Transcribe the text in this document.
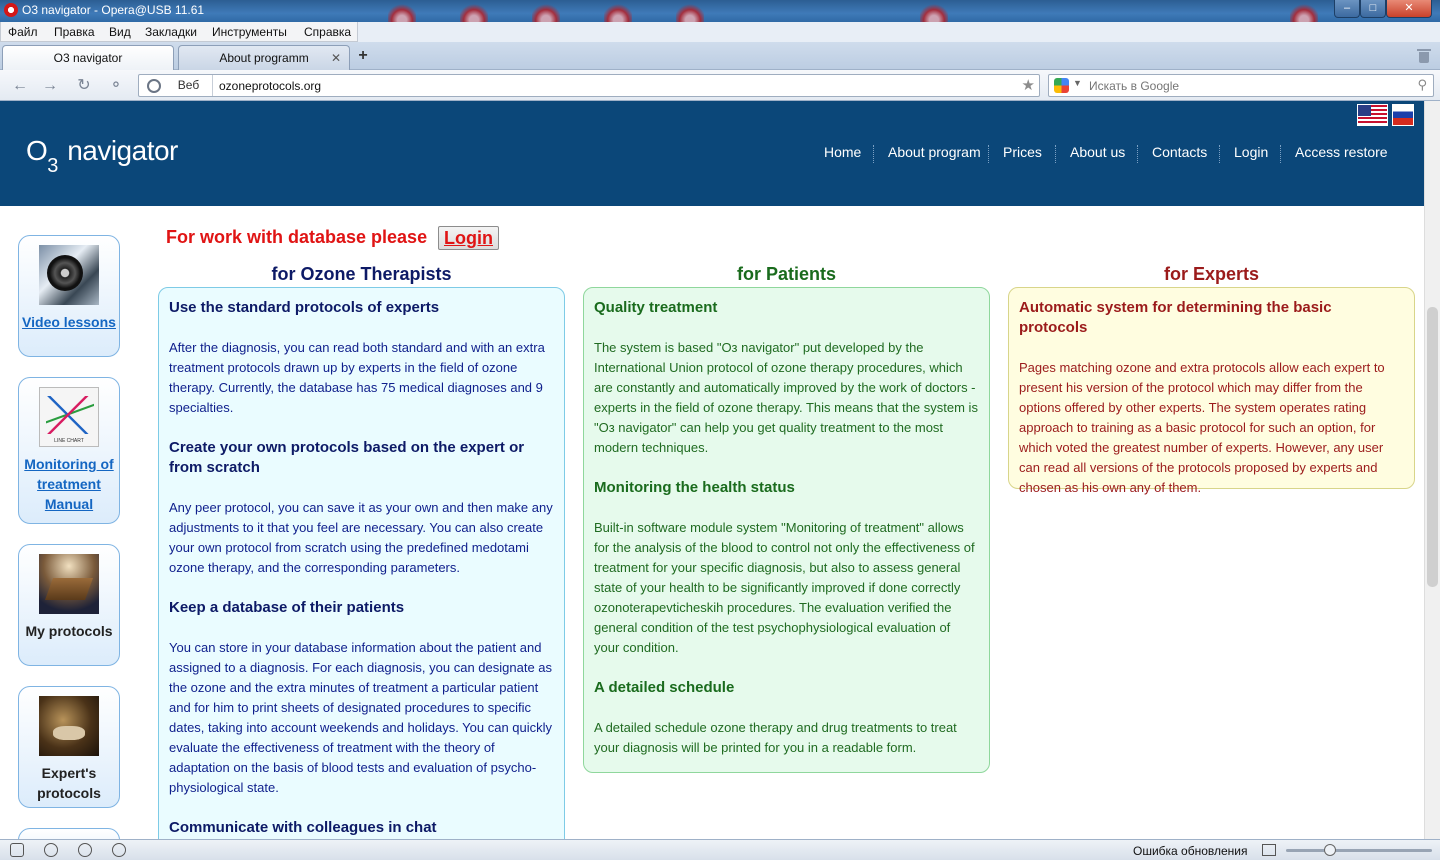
O3 navigator - Opera@USB 11.61	–	□	✕
Файл Правка Вид Закладки Инструменты Справка
O3 navigator	About programm	✕ +
← → ↻ ⚬	Веб
ozoneprotocols.org	★	▼
Искать в Google	⚲
$O_3$ navigator	Home About program Prices About us Contacts Login Access restore
Video lessons
LINE CHART
Monitoring of treatment Manual
My protocols
Expert's protocols
For work with database please Login
for Ozone Therapists	for Patients	for Experts
Use the standard protocols of experts

After the diagnosis, you can read both standard and with an extra treatment protocols drawn up by experts in the field of ozone therapy. Currently, the database has 75 medical diagnoses and 9 specialties.

Create your own protocols based on the expert or from scratch

Any peer protocol, you can save it as your own and then make any adjustments to it that you feel are necessary. You can also create your own protocol from scratch using the predefined medotami ozone therapy, and the corresponding parameters.

Keep a database of their patients

You can store in your database information about the patient and assigned to a diagnosis. For each diagnosis, you can designate as the ozone and the extra minutes of treatment a particular patient and for him to print sheets of designated procedures to specific dates, taking into account weekends and holidays. You can quickly evaluate the effectiveness of treatment with the theory of adaptation on the basis of blood tests and evaluation of psycho-physiological state.

Communicate with colleagues in chat
Quality treatment

The system is based "Оз navigator" put developed by the International Union protocol of ozone therapy procedures, which are constantly and automatically improved by the work of doctors - experts in the field of ozone therapy. This means that the system is "Оз navigator" can help you get quality treatment to the most modern techniques.

Monitoring the health status

Built-in software module system "Monitoring of treatment" allows for the analysis of the blood to control not only the effectiveness of treatment for your specific diagnosis, but also to assess general state of your health to be significantly improved if done correctly ozonoterapevticheskih procedures. The evaluation verified the general condition of the test psychophysiological evaluation of your condition.

A detailed schedule

A detailed schedule ozone therapy and drug treatments to treat your diagnosis will be printed for you in a readable form.

Automatic system for determining the basic protocols

Pages matching ozone and extra protocols allow each expert to present his version of the protocol which may differ from the options offered by other experts. The system operates rating approach to training as a basic protocol for such an option, for which voted the greatest number of experts. However, any user can read all versions of the protocols proposed by experts and chosen as his own any of them.

Ошибка обновления
